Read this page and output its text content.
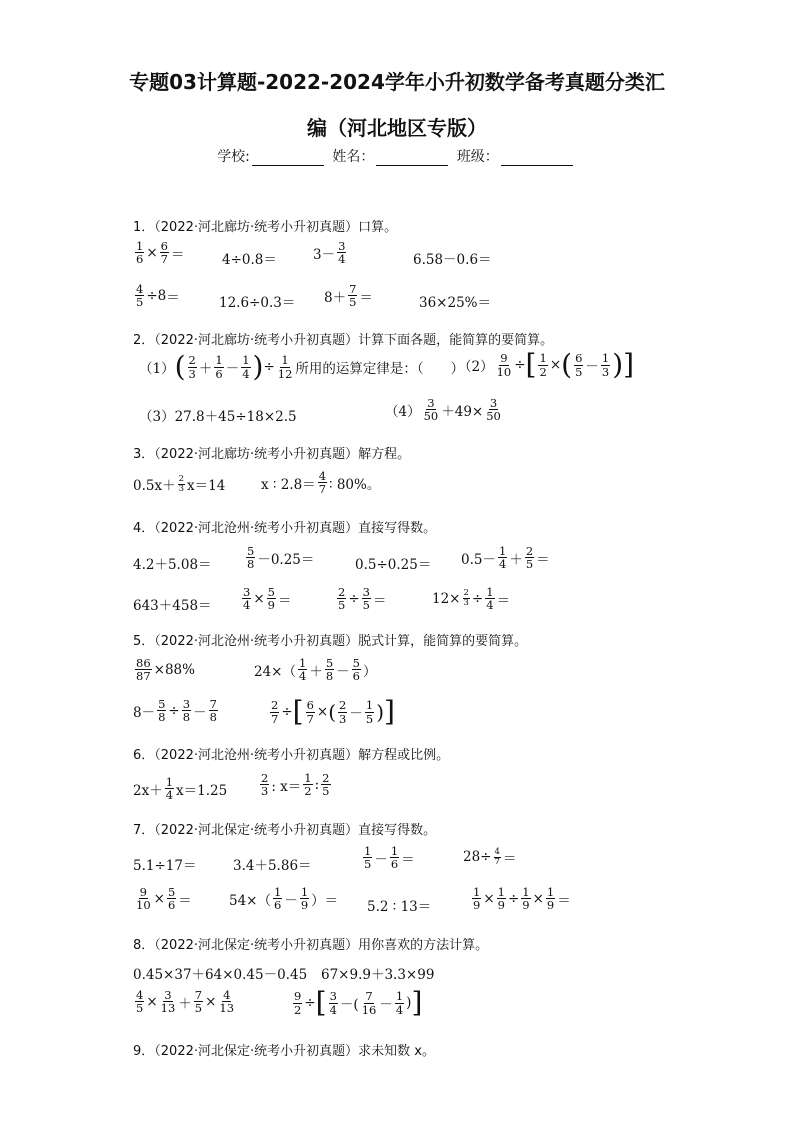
专题03计算题-2022-2024学年小升初数学备考真题分类汇
编（河北地区专版）
学校:	姓名：	班级：
1．（2022·河北廊坊·统考小升初真题）口算。
$\frac{1}{6} \times \frac{6}{7}$ ＝	4÷0.8＝	3－
3
4	6.58－0.6＝
$\frac{4}{5} \div 8$ ＝	12.6÷0.3＝ 8＋
7
5 ＝	36×25%＝
2．（2022·河北廊坊·统考小升初真题）计算下面各题，能简算的要简算。
（1） ( 2
3 ＋
1
6 －
1
4 ) ÷ $\frac{1}{12}$ 所用的运算定律是：（　　）
$(2) \frac{9}{10}$ ÷ [ $\frac{1}{2}$ × ( 6
5 －
1
3 ) ]
（3）27.8＋45÷18×2.5	（4）
3
$50 +49\times \frac{3}{50}$
3．（2022·河北廊坊·统考小升初真题）解方程。
0.5x＋ 2
3 x＝14	x ∶ 2.8＝
4
7 ∶ 80%。
4．（2022·河北沧州·统考小升初真题）直接写得数。
4.2＋5.08＝
5
8 －0.25＝	0.5÷0.25＝ 0.5－
1
4 ＋
2
5 ＝
643＋458＝	$\frac{3}{4} \times \frac{5}{9}$ ＝	$\frac{2}{5} \div \frac{3}{5}$ ＝	$12\times \frac{2}{3} \div \frac{1}{4}$ ＝
5．（2022·河北沧州·统考小升初真题）脱式计算，能简算的要简算。
$\frac{86}{87} \times 88\%$	24×（
1
4 ＋
5
8 －
5
6 ）
$8- \frac{5}{8} \div \frac{3}{8}$ －
7
8	$\frac{2}{7}$ ÷ [ $\frac{6}{7}$ × ( 2
3 －
1
5 ) ]
6．（2022·河北沧州·统考小升初真题）解方程或比例。
2x＋
1
4 x＝1.25
2
3 : x＝
1
2 : 2
5
7．（2022·河北保定·统考小升初真题）直接写得数。
5.1÷17＝	3.4＋5.86＝
1
5 －
1
6 ＝	$28\div \frac{4}{7}$ ＝
$\frac{9}{10} \times \frac{5}{6}$ ＝	54×（
1
6 －
1
9 ）＝ 5.2 ∶ 13＝	$\frac{1}{9} \times \frac{1}{9} \div \frac{1}{9} \times \frac{1}{9}$ ＝
8．（2022·河北保定·统考小升初真题）用你喜欢的方法计算。
0.45×37＋64×0.45－0.45 67×9.9＋3.3×99
$\frac{4}{5} \times \frac{3}{13} + \frac{7}{5} \times \frac{4}{13}$	$\frac{9}{2}$ ÷ [ 3
4 －(
7
16 －
1
4 ) ]
9．（2022·河北保定·统考小升初真题）求未知数 x。
